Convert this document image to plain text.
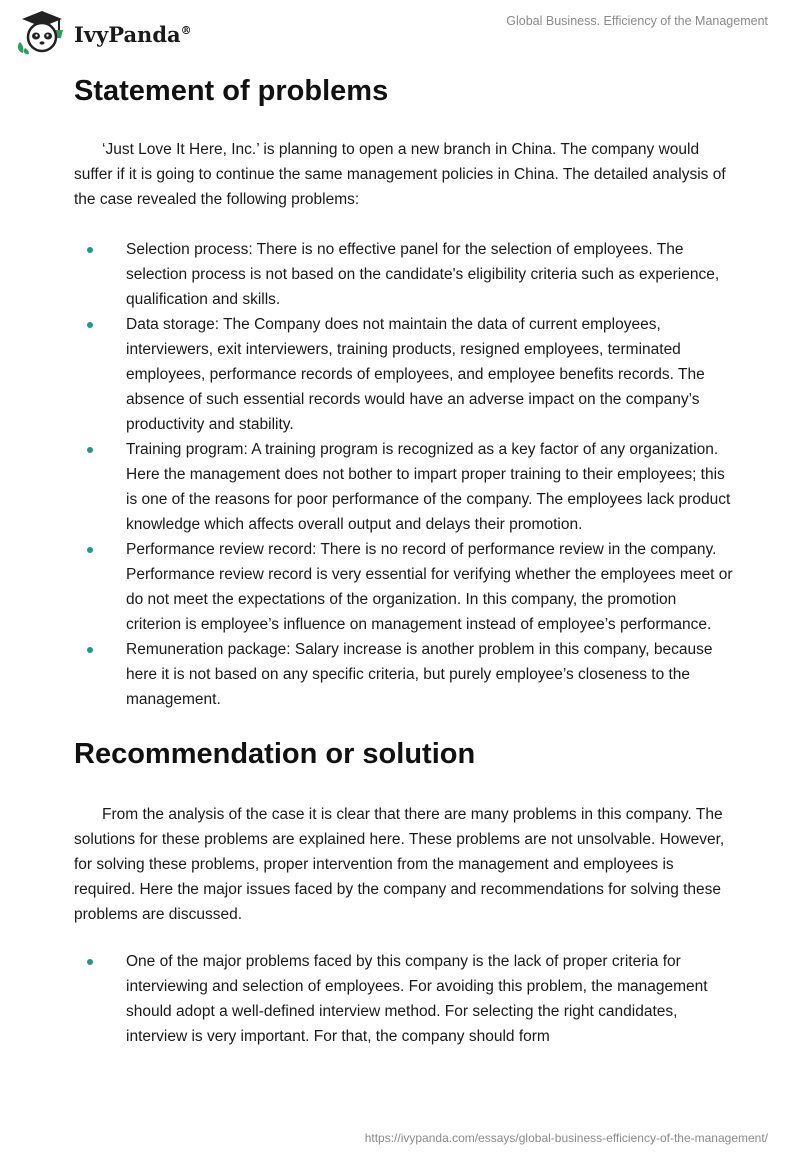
IvyPanda®
Global Business. Efficiency of the Management
Statement of problems

‘Just Love It Here, Inc.’ is planning to open a new branch in China. The company would suffer if it is going to continue the same management policies in China. The detailed analysis of the case revealed the following problems:

Selection process: There is no effective panel for the selection of employees. The selection process is not based on the candidate's eligibility criteria such as experience, qualification and skills.
Data storage: The Company does not maintain the data of current employees, interviewers, exit interviewers, training products, resigned employees, terminated employees, performance records of employees, and employee benefits records. The absence of such essential records would have an adverse impact on the company’s productivity and stability.
Training program: A training program is recognized as a key factor of any organization. Here the management does not bother to impart proper training to their employees; this is one of the reasons for poor performance of the company. The employees lack product knowledge which affects overall output and delays their promotion.
Performance review record: There is no record of performance review in the company. Performance review record is very essential for verifying whether the employees meet or do not meet the expectations of the organization. In this company, the promotion criterion is employee’s influence on management instead of employee’s performance.
Remuneration package: Salary increase is another problem in this company, because here it is not based on any specific criteria, but purely employee’s closeness to the management.
Recommendation or solution

From the analysis of the case it is clear that there are many problems in this company. The solutions for these problems are explained here. These problems are not unsolvable. However, for solving these problems, proper intervention from the management and employees is required. Here the major issues faced by the company and recommendations for solving these problems are discussed.

One of the major problems faced by this company is the lack of proper criteria for interviewing and selection of employees. For avoiding this problem, the management should adopt a well-defined interview method. For selecting the right candidates, interview is very important. For that, the company should form
https://ivypanda.com/essays/global-business-efficiency-of-the-management/
